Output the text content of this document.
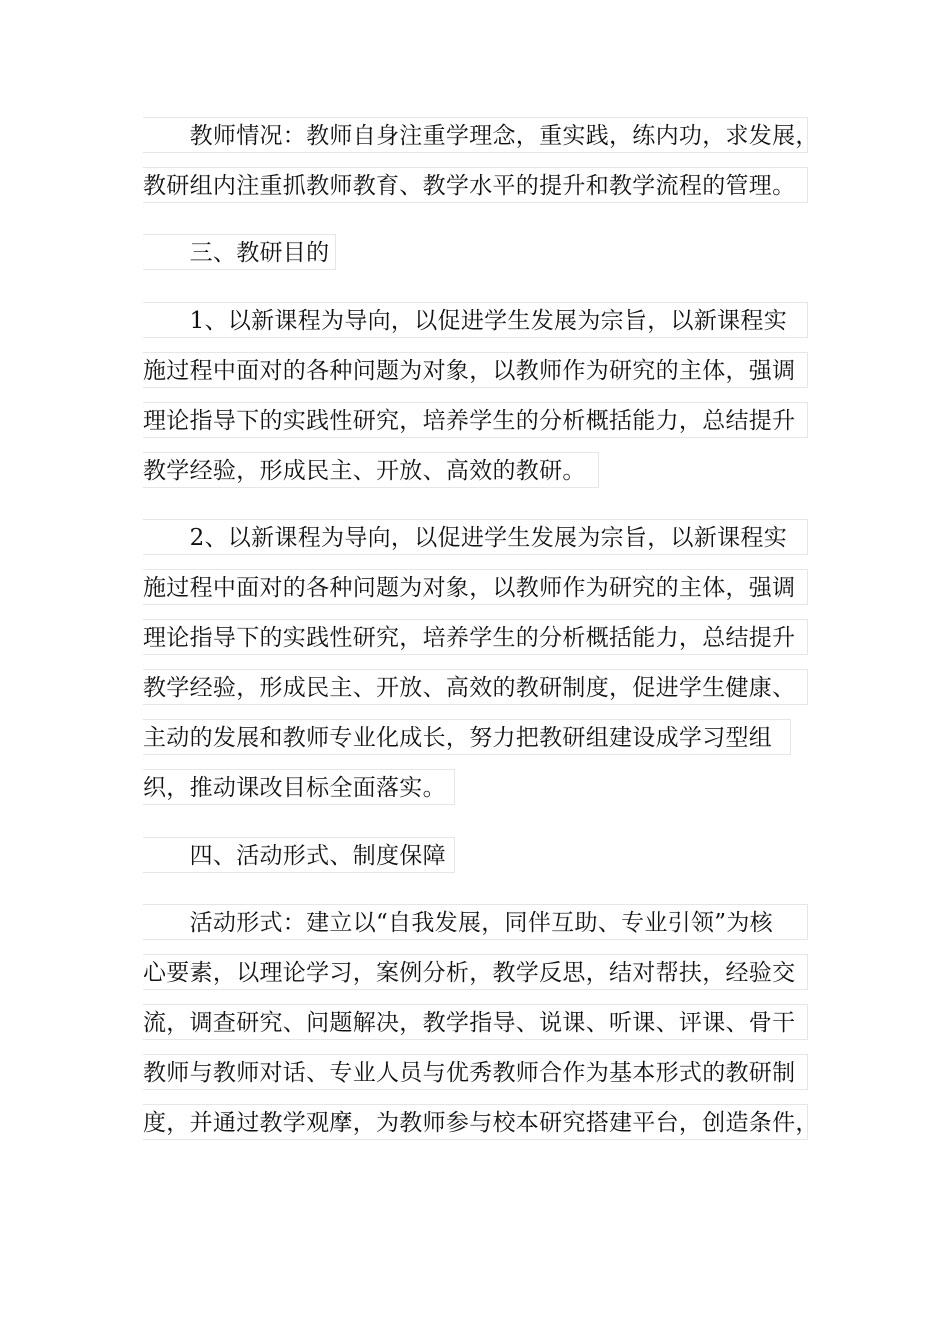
　　教师情况：教师自身注重学理念，重实践，练内功，求发展，
教研组内注重抓教师教育、教学水平的提升和教学流程的管理。
　　三、教研目的
　　1、以新课程为导向，以促进学生发展为宗旨，以新课程实
施过程中面对的各种问题为对象，以教师作为研究的主体，强调
理论指导下的实践性研究，培养学生的分析概括能力，总结提升
教学经验，形成民主、开放、高效的教研。
　　2、以新课程为导向，以促进学生发展为宗旨，以新课程实
施过程中面对的各种问题为对象，以教师作为研究的主体，强调
理论指导下的实践性研究，培养学生的分析概括能力，总结提升
教学经验，形成民主、开放、高效的教研制度，促进学生健康、
主动的发展和教师专业化成长，努力把教研组建设成学习型组
织，推动课改目标全面落实。
　　四、活动形式、制度保障
　　活动形式：建立以“自我发展，同伴互助、专业引领”为核
心要素，以理论学习，案例分析，教学反思，结对帮扶，经验交
流，调查研究、问题解决，教学指导、说课、听课、评课、骨干
教师与教师对话、专业人员与优秀教师合作为基本形式的教研制
度，并通过教学观摩，为教师参与校本研究搭建平台，创造条件，
